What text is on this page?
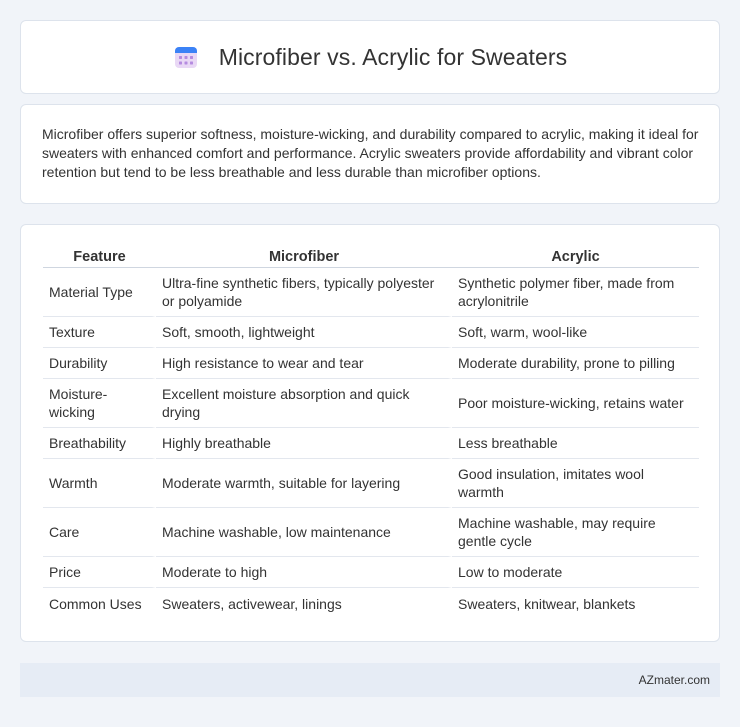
Microfiber vs. Acrylic for Sweaters

Microfiber offers superior softness, moisture-wicking, and durability compared to acrylic, making it ideal for sweaters with enhanced comfort and performance. Acrylic sweaters provide affordability and vibrant color retention but tend to be less breathable and less durable than microfiber options.

Feature	Microfiber	Acrylic
Material Type	Ultra-fine synthetic fibers, typically polyester or polyamide	Synthetic polymer fiber, made from acrylonitrile
Texture	Soft, smooth, lightweight	Soft, warm, wool-like
Durability	High resistance to wear and tear	Moderate durability, prone to pilling
Moisture-wicking	Excellent moisture absorption and quick drying	Poor moisture-wicking, retains water
Breathability	Highly breathable	Less breathable
Warmth	Moderate warmth, suitable for layering	Good insulation, imitates wool warmth
Care	Machine washable, low maintenance	Machine washable, may require gentle cycle
Price	Moderate to high	Low to moderate
Common Uses	Sweaters, activewear, linings	Sweaters, knitwear, blankets
AZmater.com
